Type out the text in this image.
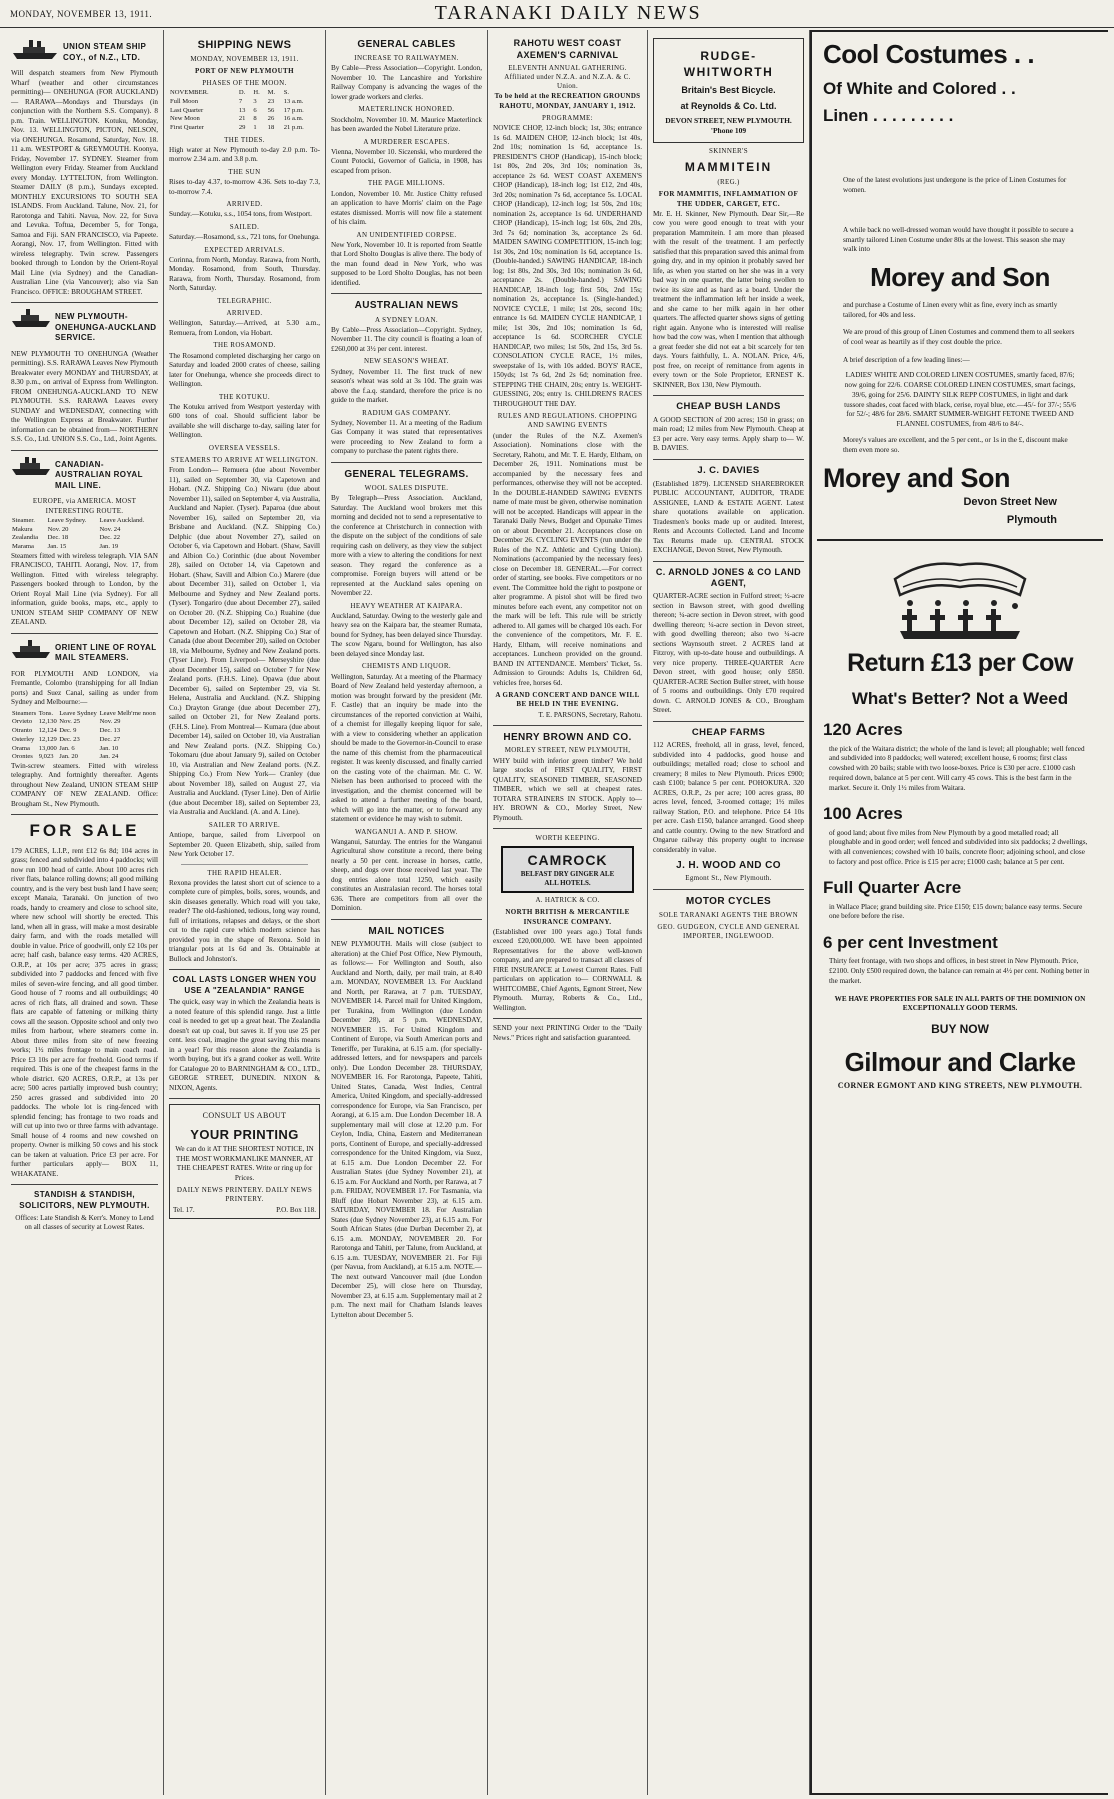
MONDAY, NOVEMBER 13, 1911.	TARANAKI DAILY NEWS
UNION STEAM SHIP COY., of N.Z., LTD.
Will despatch steamers from New Plymouth Wharf (weather and other circumstances permitting)— ONEHUNGA (FOR AUCKLAND)— RARAWA—Mondays and Thursdays (in conjunction with the Northern S.S. Company). 8 p.m. Train. WELLINGTON. Kotuku, Monday, Nov. 13. WELLINGTON, PICTON, NELSON, via ONEHUNGA. Rosamond, Saturday, Nov. 18. 11 a.m. WESTPORT & GREYMOUTH. Koonya, Friday, November 17. SYDNEY. Steamer from Wellington every Friday. Steamer from Auckland every Monday. LYTTELTON, from Wellington. Steamer DAILY (8 p.m.), Sundays excepted. MONTHLY EXCURSIONS TO SOUTH SEA ISLANDS. From Auckland. Talune, Nov. 21, for Rarotonga and Tahiti. Navua, Nov. 22, for Suva and Levuka. Toftua, December 5, for Tonga, Samoa and Fiji. SAN FRANCISCO, via Papeete. Aorangi, Nov. 17, from Wellington. Fitted with wireless telegraphy. Twin screw. Passengers booked through to London by the Orient-Royal Mail Line (via Sydney) and the Canadian-Australian Line (via Vancouver); also via San Francisco. OFFICE: BROUGHAM STREET.
NEW PLYMOUTH-ONEHUNGA-AUCKLAND SERVICE.
NEW PLYMOUTH TO ONEHUNGA (Weather permitting). S.S. RARAWA Leaves New Plymouth Breakwater every MONDAY and THURSDAY, at 8.30 p.m., on arrival of Express from Wellington. FROM ONEHUNGA-AUCKLAND TO NEW PLYMOUTH. S.S. RARAWA Leaves every SUNDAY and WEDNESDAY, connecting with the Wellington Express at Breakwater. Further information can be obtained from— NORTHERN S.S. Co., Ltd. UNION S.S. Co., Ltd., Joint Agents.
CANADIAN-AUSTRALIAN ROYAL MAIL LINE.
EUROPE, via AMERICA. MOST INTERESTING ROUTE.
Steamer.	Leave Sydney.	Leave Auckland.
Makura	Nov. 20	Nov. 24
Zealandia	Dec. 18	Dec. 22
Marama	Jan. 15	Jan. 19
Steamers fitted with wireless telegraph. VIA SAN FRANCISCO, TAHITI. Aorangi, Nov. 17, from Wellington. Fitted with wireless telegraphy. Passengers booked through to London, by the Orient Royal Mail Line (via Sydney). For all information, guide books, maps, etc., apply to UNION STEAM SHIP COMPANY OF NEW ZEALAND.
ORIENT LINE OF ROYAL MAIL STEAMERS.
FOR PLYMOUTH AND LONDON, via Fremantle, Colombo (transhipping for all Indian ports) and Suez Canal, sailing as under from Sydney and Melbourne:—
Steamers	Tons.	Leave Sydney	Leave Melb'rne noon
Orvieto	12,130	Nov. 25	Nov. 29
Otranto	12,124	Dec. 9	Dec. 13
Osterley	12,129	Dec. 23	Dec. 27
Orama	13,000	Jan. 6	Jan. 10
Orontes	9,023	Jan. 20	Jan. 24
Twin-screw steamers. Fitted with wireless telegraphy. And fortnightly thereafter. Agents throughout New Zealand, UNION STEAM SHIP COMPANY OF NEW ZEALAND. Office: Brougham St., New Plymouth.
FOR SALE
179 ACRES, L.I.P., rent £12 6s 8d; 104 acres in grass; fenced and subdivided into 4 paddocks; will now run 100 head of cattle. About 100 acres rich river flats, balance rolling downs; all good milking country, and is the very best bush land I have seen; except Manaia, Taranaki. On junction of two roads, handy to creamery and close to school site, where new school will shortly be erected. This land, when all in grass, will make a most desirable dairy farm, and with the roads metalled will double in value. Price of goodwill, only £2 10s per acre; half cash, balance easy terms. 420 ACRES, O.R.P., at 10s per acre; 375 acres in grass; subdivided into 7 paddocks and fenced with five miles of seven-wire fencing, and all good timber. Good house of 7 rooms and all outbuildings; 40 acres of rich flats, all drained and sown. These flats are capable of fattening or milking thirty cows all the season. Opposite school and only two miles from harbour, where steamers come in. About three miles from site of new freezing works; 1½ miles frontage to main coach road. Price £3 10s per acre for freehold. Good terms if required. This is one of the cheapest farms in the whole district. 620 ACRES, O.R.P., at 13s per acre; 500 acres partially improved bush country; 250 acres grassed and subdivided into 20 paddocks. The whole lot is ring-fenced with splendid fencing; has frontage to two roads and will cut up into two or three farms with advantage. Small house of 4 rooms and new cowshed on property. Owner is milking 50 cows and his stock can be taken at valuation. Price £3 per acre. For further particulars apply— BOX 11, WHAKATANE.
STANDISH & STANDISH, SOLICITORS, NEW PLYMOUTH.
Offices: Late Standish & Kerr's. Money to Lend on all classes of security at Lowest Rates.
SHIPPING NEWS
MONDAY, NOVEMBER 13, 1911.
PORT OF NEW PLYMOUTH
PHASES OF THE MOON.
NOVEMBER.	D.	H.	M.	S.
Full Moon	7	3	23	13 a.m.
Last Quarter	13	6	56	17 p.m.
New Moon	21	8	26	16 a.m.
First Quarter	29	1	18	21 p.m.
THE TIDES.
High water at New Plymouth to-day 2.0 p.m. To-morrow 2.34 a.m. and 3.8 p.m.
THE SUN
Rises to-day 4.37, to-morrow 4.36. Sets to-day 7.3, to-morrow 7.4.
ARRIVED.
Sunday.—Kotuku, s.s., 1054 tons, from Westport.
SAILED.
Saturday.—Rosamond, s.s., 721 tons, for Onehunga.
EXPECTED ARRIVALS.
Corinna, from North, Monday. Rarawa, from North, Monday. Rosamond, from South, Thursday. Rarawa, from North, Thursday. Rosamond, from North, Saturday.
TELEGRAPHIC.
ARRIVED.
Wellington, Saturday.—Arrived, at 5.30 a.m., Remuera, from London, via Hobart.
THE ROSAMOND.
The Rosamond completed discharging her cargo on Saturday and loaded 2000 crates of cheese, sailing later for Onehunga, whence she proceeds direct to Wellington.
THE KOTUKU.
The Kotuku arrived from Westport yesterday with 600 tons of coal. Should sufficient labor be available she will discharge to-day, sailing later for Wellington.
OVERSEA VESSELS.
STEAMERS TO ARRIVE AT WELLINGTON.
From London— Remuera (due about November 11), sailed on September 30, via Capetown and Hobart. (N.Z. Shipping Co.) Niwaru (due about November 11), sailed on September 4, via Australia, Auckland and Napier. (Tyser). Paparoa (due about November 16), sailed on September 20, via Brisbane and Auckland. (N.Z. Shipping Co.) Delphic (due about November 27), sailed on October 6, via Capetown and Hobart. (Shaw, Savill and Albion Co.) Corinthic (due about November 28), sailed on October 14, via Capetown and Hobart. (Shaw, Savill and Albion Co.) Marere (due about December 31), sailed on October 1, via Melbourne and Sydney and New Zealand ports. (Tyser). Tongariro (due about December 27), sailed on October 20. (N.Z. Shipping Co.) Ruahine (due about December 12), sailed on October 28, via Capetown and Hobart. (N.Z. Shipping Co.) Star of Canada (due about December 20), sailed on October 18, via Melbourne, Sydney and New Zealand ports. (Tyser Line). From Liverpool— Merseyshire (due about December 15), sailed on October 7 for New Zealand ports. (F.H.S. Line). Opawa (due about December 6), sailed on September 29, via St. Helena, Australia and Auckland. (N.Z. Shipping Co.) Drayton Grange (due about December 27), sailed on October 21, for New Zealand ports. (F.H.S. Line). From Montreal— Kumara (due about December 14), sailed on October 10, via Australian and New Zealand ports. (N.Z. Shipping Co.) Tokomaru (due about January 9), sailed on October 10, via Australian and New Zealand ports. (N.Z. Shipping Co.) From New York— Cranley (due about November 18), sailed on August 27, via Australia and Auckland. (Tyser Line). Den of Airlie (due about December 18), sailed on September 23, via Australia and Auckland. (A. and A. Line).
SAILER TO ARRIVE.
Antiope, barque, sailed from Liverpool on September 20. Queen Elizabeth, ship, sailed from New York October 17.
THE RAPID HEALER.
Rexona provides the latest short cut of science to a complete cure of pimples, boils, sores, wounds, and skin diseases generally. Which road will you take, reader? The old-fashioned, tedious, long way round, full of irritations, relapses and delays, or the short cut to the rapid cure which modern science has provided you in the shape of Rexona. Sold in triangular pots at 1s 6d and 3s. Obtainable at Bullock and Johnston's.
COAL LASTS LONGER WHEN YOU USE A "ZEALANDIA" RANGE
The quick, easy way in which the Zealandia heats is a noted feature of this splendid range. Just a little coal is needed to get up a great heat. The Zealandia doesn't eat up coal, but saves it. If you use 25 per cent. less coal, imagine the great saving this means in a year! For this reason alone the Zealandia is worth buying, but it's a grand cooker as well. Write for Catalogue 20 to BARNINGHAM & CO., LTD., GEORGE STREET, DUNEDIN. NIXON & NIXON, Agents.
CONSULT US ABOUT
YOUR PRINTING
We can do it AT THE SHORTEST NOTICE, IN THE MOST WORKMANLIKE MANNER, AT THE CHEAPEST RATES. Write or ring up for Prices.
DAILY NEWS PRINTERY. DAILY NEWS PRINTERY.
Tel. 17.	P.O. Box 118.
GENERAL CABLES
INCREASE TO RAILWAYMEN.
By Cable—Press Association—Copyright. London, November 10. The Lancashire and Yorkshire Railway Company is advancing the wages of the lower grade workers and clerks.
MAETERLINCK HONORED.
Stockholm, November 10. M. Maurice Maeterlinck has been awarded the Nobel Literature prize.
A MURDERER ESCAPES.
Vienna, November 10. Siczenski, who murdered the Count Potocki, Governor of Galicia, in 1908, has escaped from prison.
THE PAGE MILLIONS.
London, November 10. Mr. Justice Chitty refused an application to have Morris' claim on the Page estates dismissed. Morris will now file a statement of his claim.
AN UNIDENTIFIED CORPSE.
New York, November 10. It is reported from Seattle that Lord Sholto Douglas is alive there. The body of the man found dead in New York, who was supposed to be Lord Sholto Douglas, has not been identified.
AUSTRALIAN NEWS
A SYDNEY LOAN.
By Cable—Press Association—Copyright. Sydney, November 11. The city council is floating a loan of £260,000 at 3½ per cent. interest.
NEW SEASON'S WHEAT.
Sydney, November 11. The first truck of new season's wheat was sold at 3s 10d. The grain was above the f.a.q. standard, therefore the price is no guide to the market.
RADIUM GAS COMPANY.
Sydney, November 11. At a meeting of the Radium Gas Company it was stated that representatives were proceeding to New Zealand to form a company to purchase the patent rights there.
GENERAL TELEGRAMS.
WOOL SALES DISPUTE.
By Telegraph—Press Association. Auckland, Saturday. The Auckland wool brokers met this morning and decided not to send a representative to the conference at Christchurch in connection with the dispute on the subject of the conditions of sale requiring cash on delivery, as they view the subject more with a view to altering the conditions for next season. They regard the conference as a compromise. Foreign buyers will attend or be represented at the Auckland sales opening on November 22.
HEAVY WEATHER AT KAIPARA.
Auckland, Saturday. Owing to the westerly gale and heavy sea on the Kaipara bar, the steamer Rumata, bound for Sydney, has been delayed since Thursday. The scow Ngaru, bound for Wellington, has also been delayed since Monday last.
CHEMISTS AND LIQUOR.
Wellington, Saturday. At a meeting of the Pharmacy Board of New Zealand held yesterday afternoon, a motion was brought forward by the president (Mr. F. Castle) that an inquiry be made into the circumstances of the reported conviction at Waihi, of a chemist for illegally keeping liquor for sale, with a view to considering whether an application should be made to the Governor-in-Council to erase the name of this chemist from the pharmaceutical register. It was keenly discussed, and finally carried on the casting vote of the chairman. Mr. C. W. Nielsen has been authorised to proceed with the investigation, and the chemist concerned will be asked to attend a further meeting of the board, which will go into the matter, or to forward any statement or evidence he may wish to submit.
WANGANUI A. AND P. SHOW.
Wanganui, Saturday. The entries for the Wanganui Agricultural show constitute a record, there being nearly a 50 per cent. increase in horses, cattle, sheep, and dogs over those received last year. The dog entries alone total 1250, which easily constitutes an Australasian record. The horses total 636. There are competitors from all over the Dominion.
MAIL NOTICES
NEW PLYMOUTH. Mails will close (subject to alteration) at the Chief Post Office, New Plymouth, as follows:— For Wellington and South, also Auckland and North, daily, per mail train, at 8.40 a.m. MONDAY, NOVEMBER 13. For Auckland and North, per Rarawa, at 7 p.m. TUESDAY, NOVEMBER 14. Parcel mail for United Kingdom, per Turakina, from Wellington (due London December 28), at 5 p.m. WEDNESDAY, NOVEMBER 15. For United Kingdom and Continent of Europe, via South American ports and Teneriffe, per Turakina, at 6.15 a.m. (for specially-addressed letters, and for newspapers and parcels only). Due London December 28. THURSDAY, NOVEMBER 16. For Rarotonga, Papeete, Tahiti, United States, Canada, West Indies, Central America, United Kingdom, and specially-addressed correspondence for Europe, via San Francisco, per Aorangi, at 6.15 a.m. Due London December 18. A supplementary mail will close at 12.20 p.m. For Ceylon, India, China, Eastern and Mediterranean ports, Continent of Europe, and specially-addressed correspondence for the United Kingdom, via Suez, at 6.15 a.m. Due London December 22. For Australian States (due Sydney November 21), at 6.15 a.m. For Auckland and North, per Rarawa, at 7 p.m. FRIDAY, NOVEMBER 17. For Tasmania, via Bluff (due Hobart November 23), at 6.15 a.m. SATURDAY, NOVEMBER 18. For Australian States (due Sydney November 23), at 6.15 a.m. For South African States (due Durban December 2), at 6.15 a.m. MONDAY, NOVEMBER 20. For Rarotonga and Tahiti, per Talune, from Auckland, at 6.15 a.m. TUESDAY, NOVEMBER 21. For Fiji (per Navua, from Auckland), at 6.15 a.m. NOTE.—The next outward Vancouver mail (due London December 25), will close here on Thursday, November 23, at 6.15 a.m. Supplementary mail at 2 p.m. The next mail for Chatham Islands leaves Lyttelton about December 5.
RAHOTU WEST COAST AXEMEN'S CARNIVAL
ELEVENTH ANNUAL GATHERING. Affiliated under N.Z.A. and N.Z.A. & C. Union.
To be held at the RECREATION GROUNDS RAHOTU, MONDAY, JANUARY 1, 1912.
PROGRAMME:
NOVICE CHOP, 12-inch block; 1st, 30s; entrance 1s 6d. MAIDEN CHOP, 12-inch block; 1st 40s, 2nd 10s; nomination 1s 6d, acceptance 1s. PRESIDENT'S CHOP (Handicap), 15-inch block; 1st 80s, 2nd 20s, 3rd 10s; nomination 3s, acceptance 2s 6d. WEST COAST AXEMEN'S CHOP (Handicap), 18-inch log; 1st £12, 2nd 40s, 3rd 20s; nomination 7s 6d, acceptance 5s. LOCAL CHOP (Handicap), 12-inch log; 1st 50s, 2nd 10s; nomination 2s, acceptance 1s 6d. UNDERHAND CHOP (Handicap), 15-inch log; 1st 60s, 2nd 20s, 3rd 7s 6d; nomination 3s, acceptance 2s 6d. MAIDEN SAWING COMPETITION, 15-inch log; 1st 30s, 2nd 10s; nomination 1s 6d, acceptance 1s. (Double-handed.) SAWING HANDICAP, 18-inch log; 1st 80s, 2nd 30s, 3rd 10s; nomination 3s 6d, acceptance 2s. (Double-handed.) SAWING HANDICAP, 18-inch log; first 50s, 2nd 15s; nomination 2s, acceptance 1s. (Single-handed.) NOVICE CYCLE, 1 mile; 1st 20s, second 10s; entrance 1s 6d. MAIDEN CYCLE HANDICAP, 1 mile; 1st 30s, 2nd 10s; nomination 1s 6d, acceptance 1s 6d. SCORCHER CYCLE HANDICAP, two miles; 1st 50s, 2nd 15s, 3rd 5s. CONSOLATION CYCLE RACE, 1½ miles, sweepstake of 1s, with 10s added. BOYS' RACE, 150yds; 1st 7s 6d, 2nd 2s 6d; nomination free. STEPPING THE CHAIN, 20s; entry 1s. WEIGHT-GUESSING, 20s; entry 1s. CHILDREN'S RACES THROUGHOUT THE DAY.
RULES AND REGULATIONS. CHOPPING AND SAWING EVENTS
(under the Rules of the N.Z. Axemen's Association). Nominations close with the Secretary, Rahotu, and Mr. T. E. Hardy, Eltham, on December 26, 1911. Nominations must be accompanied by the necessary fees and performances, otherwise they will not be accepted. In the DOUBLE-HANDED SAWING EVENTS name of mate must be given, otherwise nomination will not be accepted. Handicaps will appear in the Taranaki Daily News, Budget and Opunake Times on or about December 21. Acceptances close on December 26. CYCLING EVENTS (run under the Rules of the N.Z. Athletic and Cycling Union). Nominations (accompanied by the necessary fees) close on December 18. GENERAL.—For correct order of starting, see books. Five competitors or no event. The Committee hold the right to postpone or alter programme. A pistol shot will be fired two minutes before each event, any competitor not on the mark will be left. This rule will be strictly adhered to. All games will be charged 10s each. For the convenience of the competitors, Mr. F. E. Hardy, Eltham, will receive nominations and acceptances. Luncheon provided on the ground. BAND IN ATTENDANCE. Members' Ticket, 5s. Admission to Grounds: Adults 1s, Children 6d, vehicles free, horses 6d.
A GRAND CONCERT AND DANCE WILL BE HELD IN THE EVENING.
T. E. PARSONS, Secretary, Rahotu.
HENRY BROWN AND CO.
MORLEY STREET, NEW PLYMOUTH,
WHY build with inferior green timber? We hold large stocks of FIRST QUALITY, FIRST QUALITY, SEASONED TIMBER, SEASONED TIMBER, which we sell at cheapest rates. TOTARA STRAINERS IN STOCK. Apply to— HY. BROWN & CO., Morley Street, New Plymouth.
WORTH KEEPING.
CAMROCK
BELFAST DRY GINGER ALE
ALL HOTELS.
A. HATRICK & CO.
NORTH BRITISH & MERCANTILE INSURANCE COMPANY.
(Established over 100 years ago.) Total funds exceed £20,000,000. WE have been appointed Representatives for the above well-known company, and are prepared to transact all classes of FIRE INSURANCE at Lowest Current Rates. Full particulars on application to— CORNWALL & WHITCOMBE, Chief Agents, Egmont Street, New Plymouth. Murray, Roberts & Co., Ltd., Wellington.
SEND your next PRINTING Order to the "Daily News." Prices right and satisfaction guaranteed.
RUDGE-WHITWORTH
Britain's Best Bicycle.
at Reynolds & Co. Ltd.
DEVON STREET, NEW PLYMOUTH. 'Phone 109
SKINNER'S
MAMMITEIN
(REG.)
FOR MAMMITIS, INFLAMMATION OF THE UDDER, CARGET, ETC.
Mr. E. H. Skinner, New Plymouth. Dear Sir,—Re cow you were good enough to treat with your preparation Mammitein. I am more than pleased with the result of the treatment. I am perfectly satisfied that this preparation saved this animal from going dry, and in my opinion it probably saved her life, as when you started on her she was in a very bad way in one quarter, the latter being swollen to twice its size and as hard as a board. Under the treatment the inflammation left her inside a week, and she came to her milk again in her other quarters. The affected quarter shows signs of getting right again. Anyone who is interested will realise how bad the cow was, when I mention that although a great feeder she did not eat a bit scarcely for ten days. Yours faithfully, L. A. NOLAN. Price, 4/6, post free, on receipt of remittance from agents in every town or the Sole Proprietor, ERNEST K. SKINNER, Box 130, New Plymouth.
CHEAP BUSH LANDS
A GOOD SECTION of 200 acres; 150 in grass; on main road; 12 miles from New Plymouth. Cheap at £3 per acre. Very easy terms. Apply sharp to— W. B. DAVIES.
J. C. DAVIES
(Established 1879). LICENSED SHAREBROKER PUBLIC ACCOUNTANT, AUDITOR, TRADE ASSIGNEE, LAND & ESTATE AGENT. Latest share quotations available on application. Tradesmen's books made up or audited. Interest, Rents and Accounts Collected. Land and Income Tax Returns made up. CENTRAL STOCK EXCHANGE, Devon Street, New Plymouth.
C. ARNOLD JONES & CO LAND AGENT,
QUARTER-ACRE section in Fulford street; ½-acre section in Bawson street, with good dwelling thereon; ¼-acre section in Devon street, with good dwelling thereon; ¼-acre section in Devon street, with good dwelling thereon; also two ¼-acre sections Waynsouth street. 2 ACRES land at Fitzroy, with up-to-date house and outbuildings. A very nice property. THREE-QUARTER Acre Devon street, with good house; only £850. QUARTER-ACRE Section Buller street, with house of 5 rooms and outbuildings. Only £70 required down. C. ARNOLD JONES & CO., Brougham Street.
CHEAP FARMS
112 ACRES, freehold, all in grass, level, fenced, subdivided into 4 paddocks, good house and outbuildings; metalled road; close to school and creamery; 8 miles to New Plymouth. Prices £900; cash £100; balance 5 per cent. POHOKURA. 320 ACRES, O.R.P., 2s per acre; 100 acres grass, 80 acres level, fenced, 3-roomed cottage; 1½ miles railway Station, P.O. and telephone. Price £4 10s per acre. Cash £150, balance arranged. Good sheep and cattle country. Owing to the new Stratford and Ongarue railway this property ought to increase considerably in value.
J. H. WOOD AND CO
Egmont St., New Plymouth.
MOTOR CYCLES
SOLE TARANAKI AGENTS THE BROWN
GEO. GUDGEON, CYCLE AND GENERAL IMPORTER, INGLEWOOD.
Cool Costumes . .
Of White and Colored . .
Linen . . . . . . . . .
One of the latest evolutions just undergone is the price of Linen Costumes for women.
A while back no well-dressed woman would have thought it possible to secure a smartly tailored Linen Costume under 80s at the lowest. This season she may walk into
Morey and Son
and purchase a Costume of Linen every whit as fine, every inch as smartly tailored, for 40s and less.
We are proud of this group of Linen Costumes and commend them to all seekers of cool wear as heartily as if they cost double the price.
A brief description of a few leading lines:—
LADIES' WHITE AND COLORED LINEN COSTUMES, smartly faced, 87/6; now going for 22/6. COARSE COLORED LINEN COSTUMES, smart facings, 39/6, going for 25/6. DAINTY SILK REPP COSTUMES, in light and dark tussore shades, coat faced with black, cerise, royal blue, etc.—45/- for 37/-; 55/6 for 52/-; 48/6 for 28/6. SMART SUMMER-WEIGHT FETONE TWEED AND FLANNEL COSTUMES, from 48/6 to 84/-.
Morey's values are excellent, and the 5 per cent., or 1s in the £, discount make them even more so.
Morey and Son
Devon Street New Plymouth
Return £13 per Cow
What's Better? Not a Weed
120 Acres
the pick of the Waitara district; the whole of the land is level; all ploughable; well fenced and subdivided into 8 paddocks; well watered; excellent house, 6 rooms; first class cowshed with 20 bails; stable with two loose-boxes. Price is £30 per acre. £1000 cash required down, balance at 5 per cent. Will carry 45 cows. This is the best farm in the market. Secure it. Only 1½ miles from Waitara.
100 Acres
of good land; about five miles from New Plymouth by a good metalled road; all ploughable and in good order; well fenced and subdivided into six paddocks; 2 dwellings, with all conveniences; cowshed with 10 bails, concrete floor; adjoining school, and close to factory and post office. Price is £15 per acre; £1000 cash; balance at 5 per cent.
Full Quarter Acre
in Wallace Place; grand building site. Price £150; £15 down; balance easy terms. Secure one before before the rise.
6 per cent Investment
Thirty feet frontage, with two shops and offices, in best street in New Plymouth. Price, £2100. Only £500 required down, the balance can remain at 4½ per cent. Nothing better in the market.
WE HAVE PROPERTIES FOR SALE IN ALL PARTS OF THE DOMINION ON EXCEPTIONALLY GOOD TERMS.
BUY NOW
Gilmour and Clarke
CORNER EGMONT AND KING STREETS, NEW PLYMOUTH.
